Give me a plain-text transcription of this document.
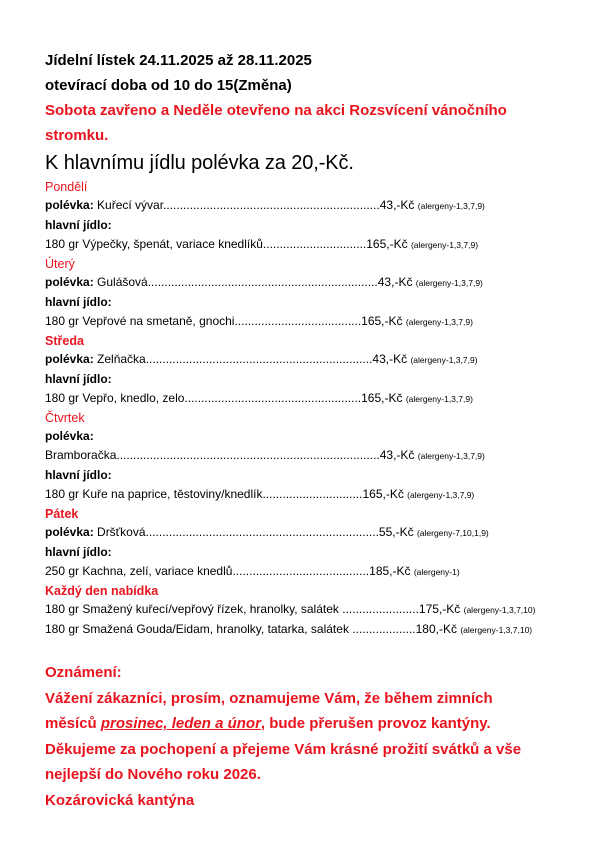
Jídelní lístek 24.11.2025 až 28.11.2025
otevírací doba od 10 do 15(Změna)
Sobota zavřeno a Neděle otevřeno na akci Rozsvícení vánočního
stromku.
K hlavnímu jídlu polévka za 20,-Kč.
Pondělí
polévka: Kuřecí vývar.................................................................43,-Kč (alergeny-1,3,7,9)
hlavní jídlo:
180 gr Výpečky, špenát, variace knedlíků...............................165,-Kč (alergeny-1,3,7,9)
Úterý
polévka: Gulášová.....................................................................43,-Kč (alergeny-1,3,7,9)
hlavní jídlo:
180 gr Vepřové na smetaně, gnochi......................................165,-Kč (alergeny-1,3,7,9)
Středa
polévka: Zelňačka....................................................................43,-Kč (alergeny-1,3,7,9)
hlavní jídlo:
180 gr Vepřo, knedlo, zelo.....................................................165,-Kč (alergeny-1,3,7,9)
Čtvrtek
polévka:
Bramboračka...............................................................................43,-Kč (alergeny-1,3,7,9)
hlavní jídlo:
180 gr Kuře na paprice, těstoviny/knedlík..............................165,-Kč (alergeny-1,3,7,9)
Pátek
polévka: Dršťková......................................................................55,-Kč (alergeny-7,10,1,9)
hlavní jídlo:
250 gr Kachna, zelí, variace knedlů.........................................185,-Kč (alergeny-1)
Každý den nabídka
180 gr Smažený kuřecí/vepřový řízek, hranolky, salátek .......................175,-Kč (alergeny-1,3,7,10)
180 gr Smažená Gouda/Eidam, hranolky, tatarka, salátek ...................180,-Kč (alergeny-1,3,7,10)
Oznámení:
Vážení zákazníci, prosím, oznamujeme Vám, že během zimních
měsíců prosinec, leden a únor, bude přerušen provoz kantýny.
Děkujeme za pochopení a přejeme Vám krásné prožití svátků a vše
nejlepší do Nového roku 2026.
Kozárovická kantýna
